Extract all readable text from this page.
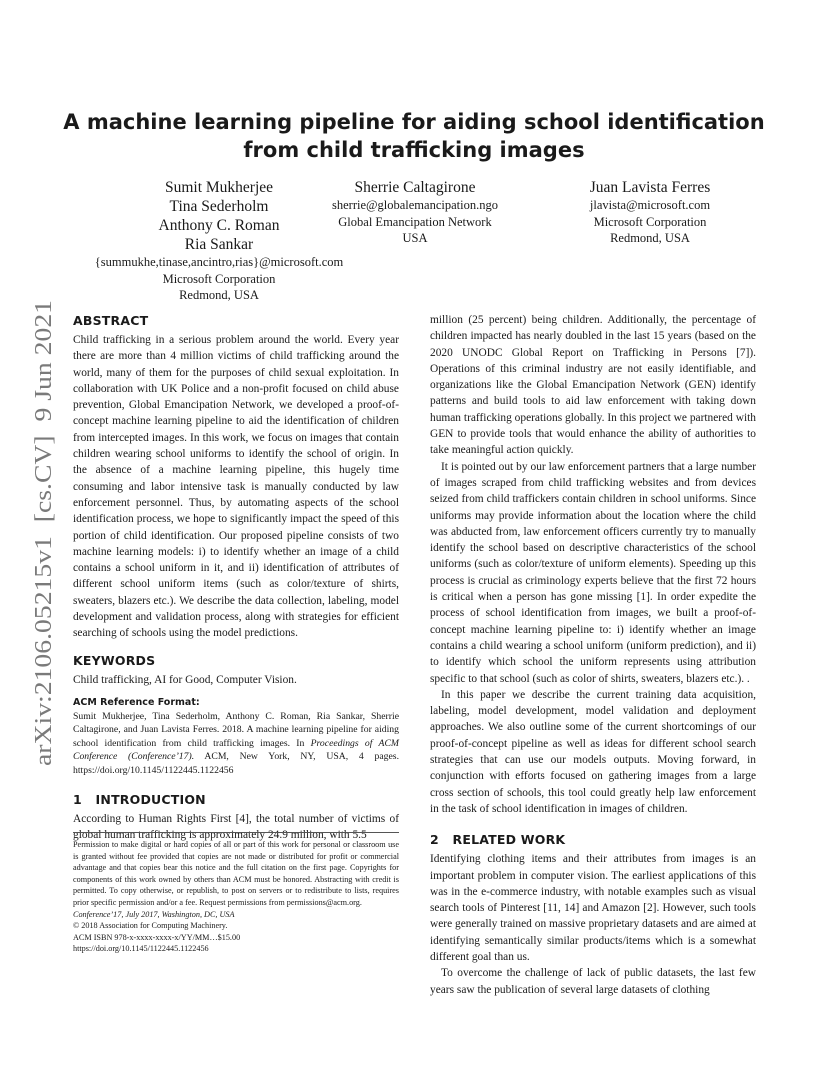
arXiv:2106.05215v1  [cs.CV]  9 Jun 2021
A machine learning pipeline for aiding school identification
from child trafficking images
Sumit Mukherjee
Tina Sederholm
Anthony C. Roman
Ria Sankar
{summukhe,tinase,ancintro,rias}@microsoft.com
Microsoft Corporation
Redmond, USA
Sherrie Caltagirone
sherrie@globalemancipation.ngo
Global Emancipation Network
USA
Juan Lavista Ferres
jlavista@microsoft.com
Microsoft Corporation
Redmond, USA
ABSTRACT

Child trafficking in a serious problem around the world. Every year there are more than 4 million victims of child trafficking around the world, many of them for the purposes of child sexual exploitation. In collaboration with UK Police and a non-profit focused on child abuse prevention, Global Emancipation Network, we developed a proof-of-concept machine learning pipeline to aid the identification of children from intercepted images. In this work, we focus on images that contain children wearing school uniforms to identify the school of origin. In the absence of a machine learning pipeline, this hugely time consuming and labor intensive task is manually conducted by law enforcement personnel. Thus, by automating aspects of the school identification process, we hope to significantly impact the speed of this portion of child identification. Our proposed pipeline consists of two machine learning models: i) to identify whether an image of a child contains a school uniform in it, and ii) identification of attributes of different school uniform items (such as color/texture of shirts, sweaters, blazers etc.). We describe the data collection, labeling, model development and validation process, along with strategies for efficient searching of schools using the model predictions.

KEYWORDS

Child trafficking, AI for Good, Computer Vision.

ACM Reference Format:
Sumit Mukherjee, Tina Sederholm, Anthony C. Roman, Ria Sankar, Sherrie Caltagirone, and Juan Lavista Ferres. 2018. A machine learning pipeline for aiding school identification from child trafficking images. In Proceedings of ACM Conference (Conference’17). ACM, New York, NY, USA, 4 pages. https://doi.org/10.1145/1122445.1122456
1   INTRODUCTION

According to Human Rights First [4], the total number of victims of global human trafficking is approximately 24.9 million, with 5.5

Permission to make digital or hard copies of all or part of this work for personal or classroom use is granted without fee provided that copies are not made or distributed for profit or commercial advantage and that copies bear this notice and the full citation on the first page. Copyrights for components of this work owned by others than ACM must be honored. Abstracting with credit is permitted. To copy otherwise, or republish, to post on servers or to redistribute to lists, requires prior specific permission and/or a fee. Request permissions from permissions@acm.org.
Conference’17, July 2017, Washington, DC, USA
© 2018 Association for Computing Machinery.
ACM ISBN 978-x-xxxx-xxxx-x/YY/MM…$15.00
https://doi.org/10.1145/1122445.1122456

million (25 percent) being children. Additionally, the percentage of children impacted has nearly doubled in the last 15 years (based on the 2020 UNODC Global Report on Trafficking in Persons [7]). Operations of this criminal industry are not easily identifiable, and organizations like the Global Emancipation Network (GEN) identify patterns and build tools to aid law enforcement with taking down human trafficking operations globally. In this project we partnered with GEN to provide tools that would enhance the ability of authorities to take meaningful action quickly.

It is pointed out by our law enforcement partners that a large number of images scraped from child trafficking websites and from devices seized from child traffickers contain children in school uniforms. Since uniforms may provide information about the location where the child was abducted from, law enforcement officers currently try to manually identify the school based on descriptive characteristics of the school uniforms (such as color/texture of uniform elements). Speeding up this process is crucial as criminology experts believe that the first 72 hours is critical when a person has gone missing [1]. In order expedite the process of school identification from images, we built a proof-of-concept machine learning pipeline to: i) identify whether an image contains a child wearing a school uniform (uniform prediction), and ii) to identify which school the uniform represents using attribution specific to that school (such as color of shirts, sweaters, blazers etc.). .

In this paper we describe the current training data acquisition, labeling, model development, model validation and deployment approaches. We also outline some of the current shortcomings of our proof-of-concept pipeline as well as ideas for different school search strategies that can use our models outputs. Moving forward, in conjunction with efforts focused on gathering images from a large cross section of schools, this tool could greatly help law enforcement in the task of school identification in images of children.

2   RELATED WORK

Identifying clothing items and their attributes from images is an important problem in computer vision. The earliest applications of this was in the e-commerce industry, with notable examples such as visual search tools of Pinterest [11, 14] and Amazon [2]. However, such tools were generally trained on massive proprietary datasets and are aimed at identifying semantically similar products/items which is a somewhat different goal than us.

To overcome the challenge of lack of public datasets, the last few years saw the publication of several large datasets of clothing
